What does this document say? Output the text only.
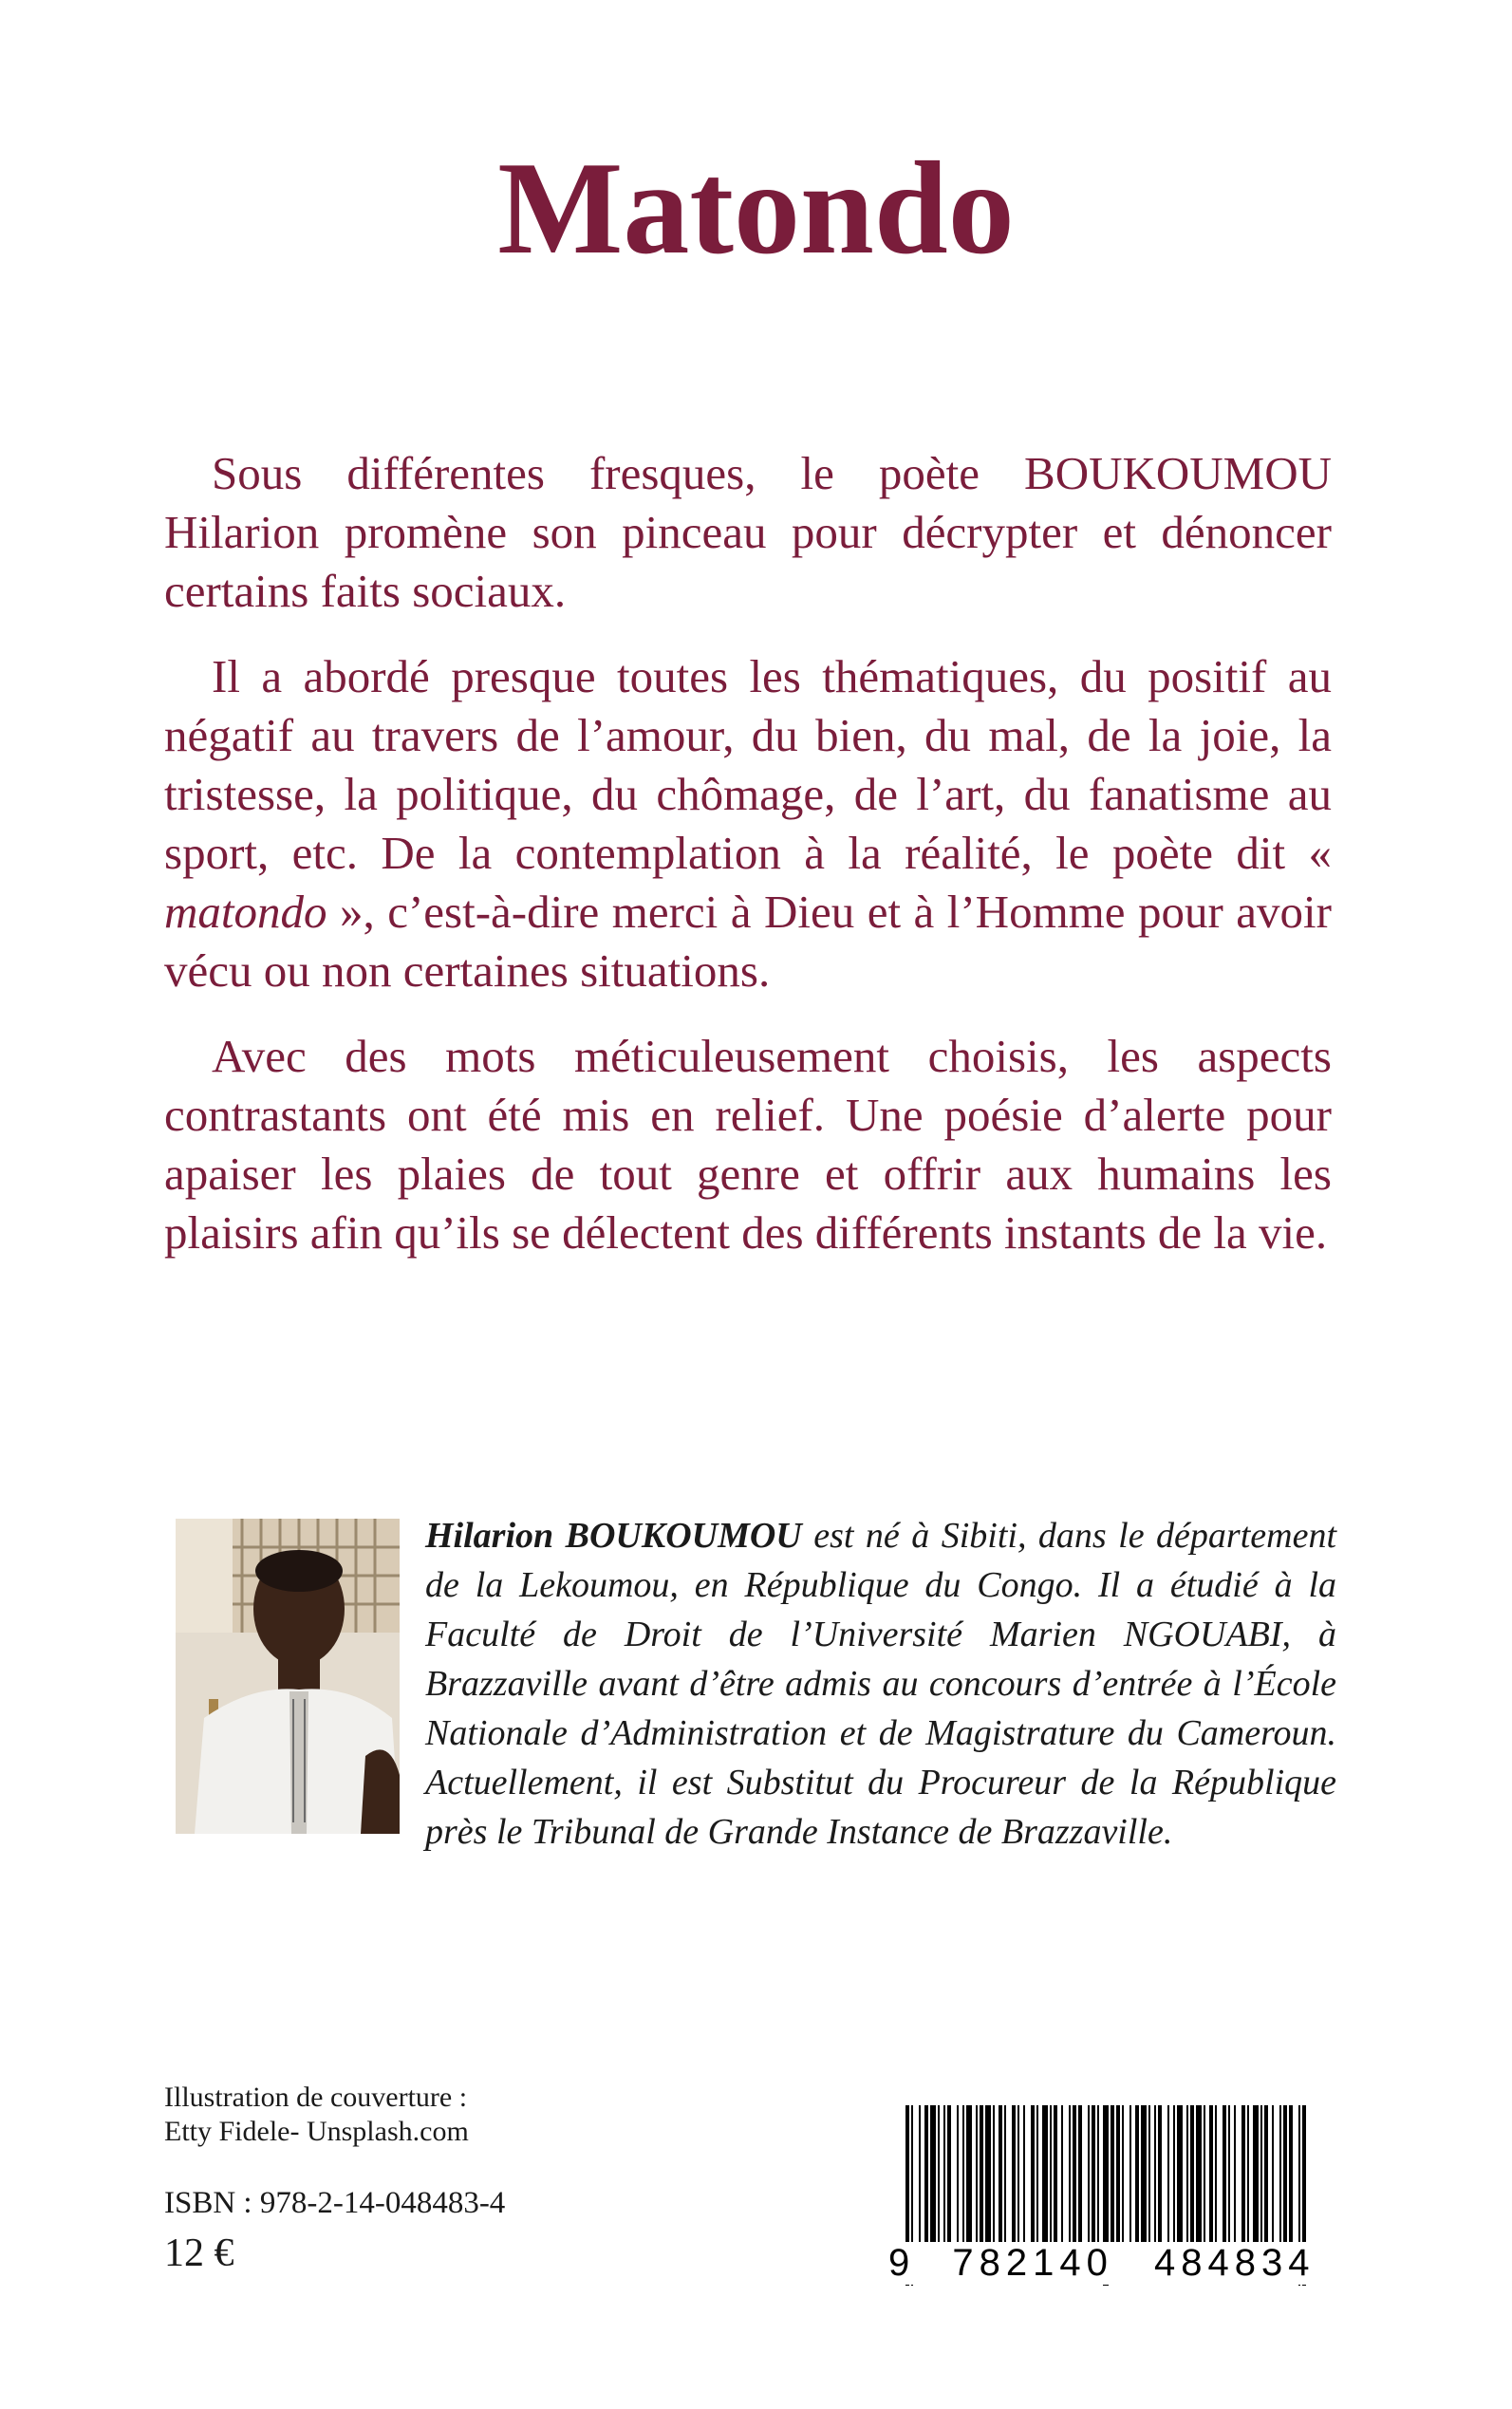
Matondo

Sous différentes fresques, le poète BOUKOUMOU Hilarion promène son pinceau pour décrypter et dénoncer certains faits sociaux.

Il a abordé presque toutes les thématiques, du positif au négatif au travers de l’amour, du bien, du mal, de la joie, la tristesse, la politique, du chômage, de l’art, du fanatisme au sport, etc. De la contemplation à la réalité, le poète dit « matondo », c’est-à-dire merci à Dieu et à l’Homme pour avoir vécu ou non certaines situations.

Avec des mots méticuleusement choisis, les aspects contrastants ont été mis en relief. Une poésie d’alerte pour apaiser les plaies de tout genre et offrir aux humains les plaisirs afin qu’ils se délectent des différents instants de la vie.

Hilarion BOUKOUMOU est né à Sibiti, dans le département de la Lekoumou, en République du Congo. Il a étudié à la Faculté de Droit de l’Université Marien NGOUABI, à Brazzaville avant d’être admis au concours d’entrée à l’École Nationale d’Administration et de Magistrature du Cameroun. Actuellement, il est Substitut du Procureur de la République près le Tribunal de Grande Instance de Brazzaville.
Illustration de couverture :
Etty Fidele- Unsplash.com
ISBN : 978-2-14-048483-4
12 €	9 782140 484834
